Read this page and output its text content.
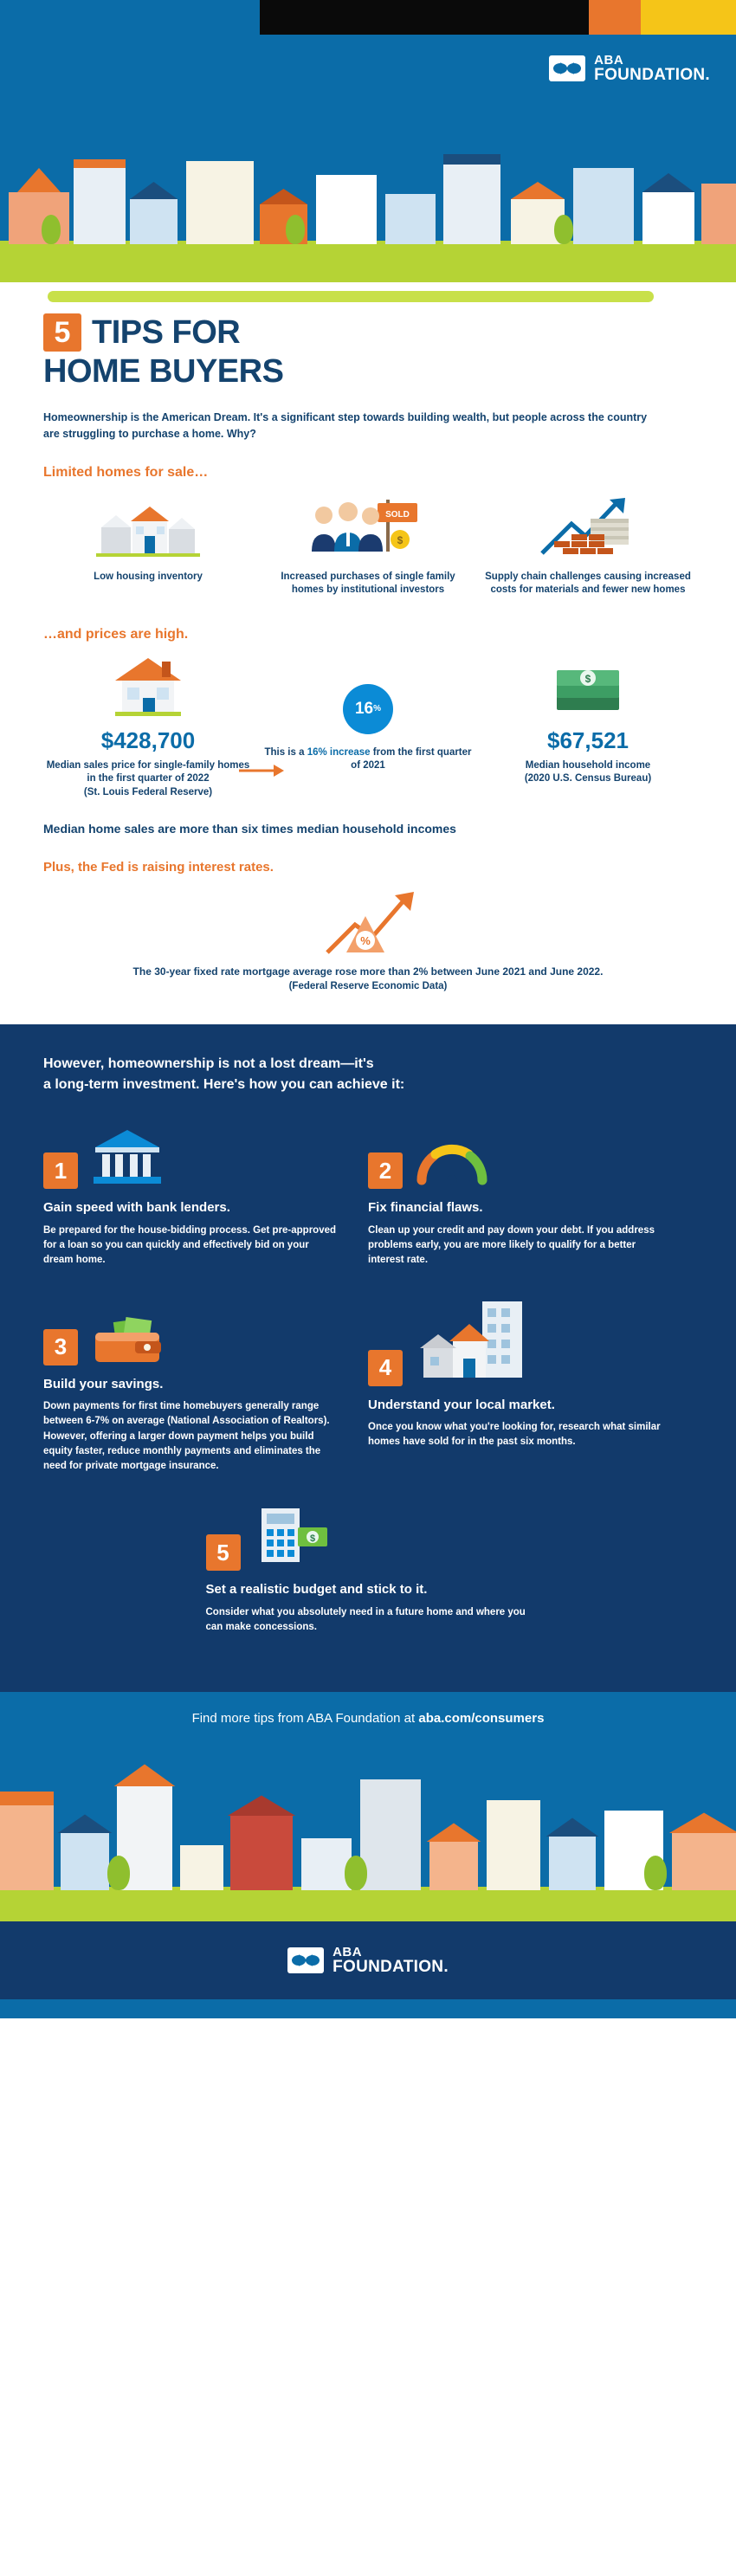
ABA
FOUNDATION.
5 TIPS FOR
HOME BUYERS
Homeownership is the American Dream. It's a significant step towards building wealth, but people across the country are struggling to purchase a home. Why?
Limited homes for sale…
Low housing inventory
SOLD
$
Increased purchases of single family homes by institutional investors
Supply chain challenges causing increased costs for materials and fewer new homes
…and prices are high.
$428,700
Median sales price for single-family homes in the first quarter of 2022
(St. Louis Federal Reserve)
16 %
This is a 16% increase from the first quarter of 2021
$
$67,521
Median household income
(2020 U.S. Census Bureau)
Median home sales are more than six times median household incomes
Plus, the Fed is raising interest rates.
%
The 30-year fixed rate mortgage average rose more than 2% between June 2021 and June 2022.
(Federal Reserve Economic Data)
However, homeownership is not a lost dream—it's
a long-term investment. Here's how you can achieve it:
1
Gain speed with bank lenders.
Be prepared for the house-bidding process. Get pre-approved for a loan so you can quickly and effectively bid on your dream home.
2
Fix financial flaws.
Clean up your credit and pay down your debt. If you address problems early, you are more likely to qualify for a better interest rate.
3
Build your savings.
Down payments for first time homebuyers generally range between 6-7% on average (National Association of Realtors). However, offering a larger down payment helps you build equity faster, reduce monthly payments and eliminates the need for private mortgage insurance.
4
Understand your local market.
Once you know what you're looking for, research what similar homes have sold for in the past six months.
5
$
Set a realistic budget and stick to it.
Consider what you absolutely need in a future home and where you can make concessions.
Find more tips from ABA Foundation at aba.com/consumers
ABA
FOUNDATION.
